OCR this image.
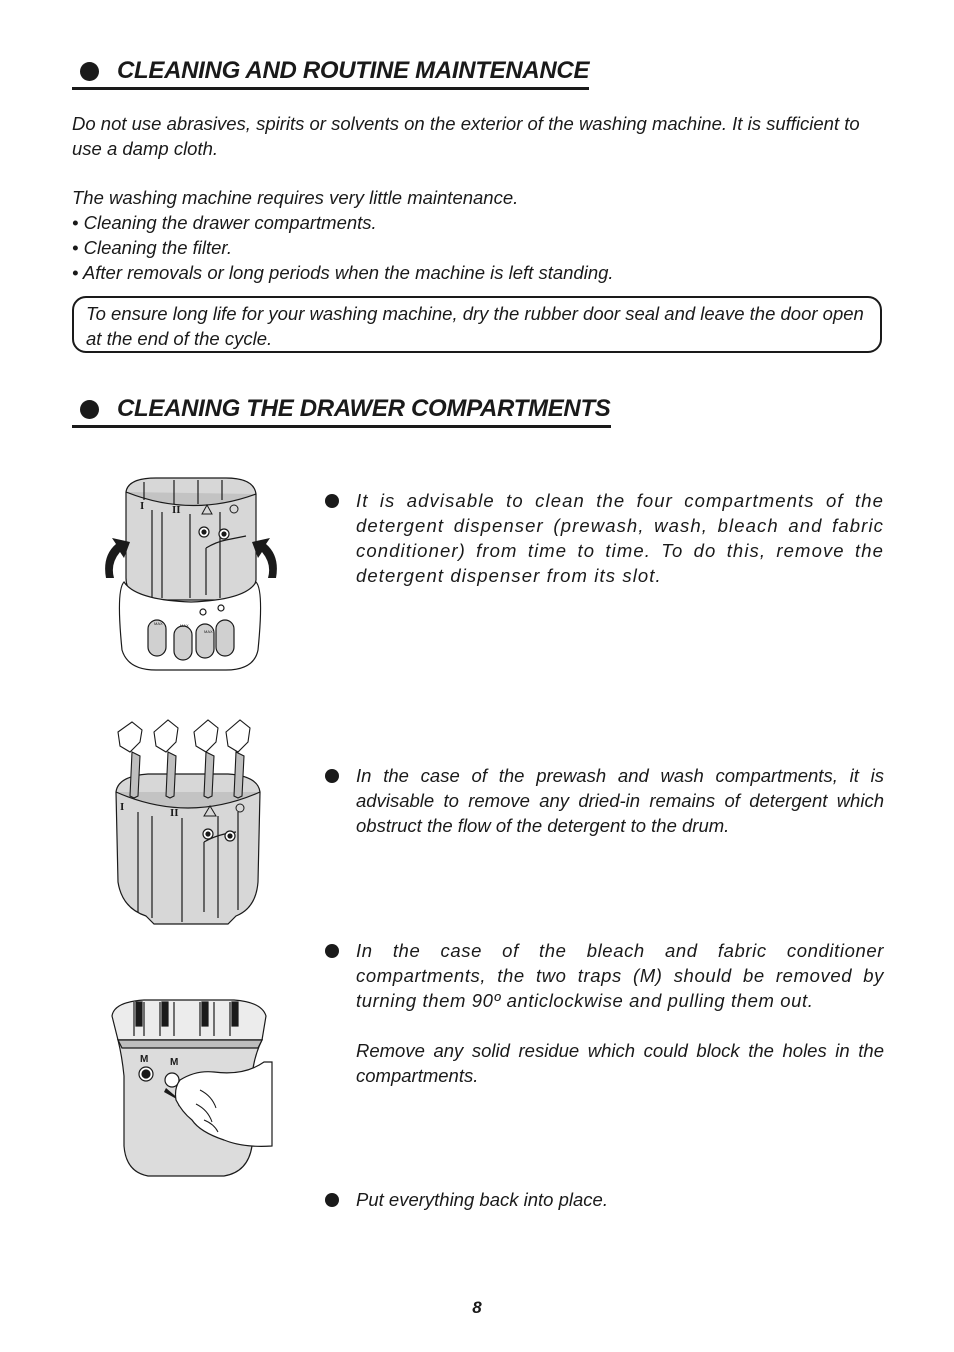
CLEANING AND ROUTINE MAINTENANCE
Do not use abrasives, spirits or solvents on the exterior of the washing machine. It is sufficient to use a damp cloth.
The washing machine requires very little maintenance.
• Cleaning the drawer compartments.
• Cleaning the filter.
• After removals or long periods when the machine is left standing.
To ensure long life for your washing machine, dry the rubber door seal and leave the door open at the end of the cycle.
CLEANING THE DRAWER COMPARTMENTS
I	II
MAX	MAX
MAX
I	II
M M

It is advisable to clean the four compartments of the detergent dispenser (prewash, wash, bleach and fabric conditioner) from time to time. To do this, remove the detergent dispenser from its slot.

In the case of the prewash and wash compartments, it is advisable to remove any dried-in remains of detergent which obstruct the flow of the detergent to the drum.

In the case of the bleach and fabric conditioner compartments, the two traps (M) should be removed by turning them 90º anticlockwise and pulling them out.

Remove any solid residue which could block the holes in the compartments.

Put everything back into place.

8
